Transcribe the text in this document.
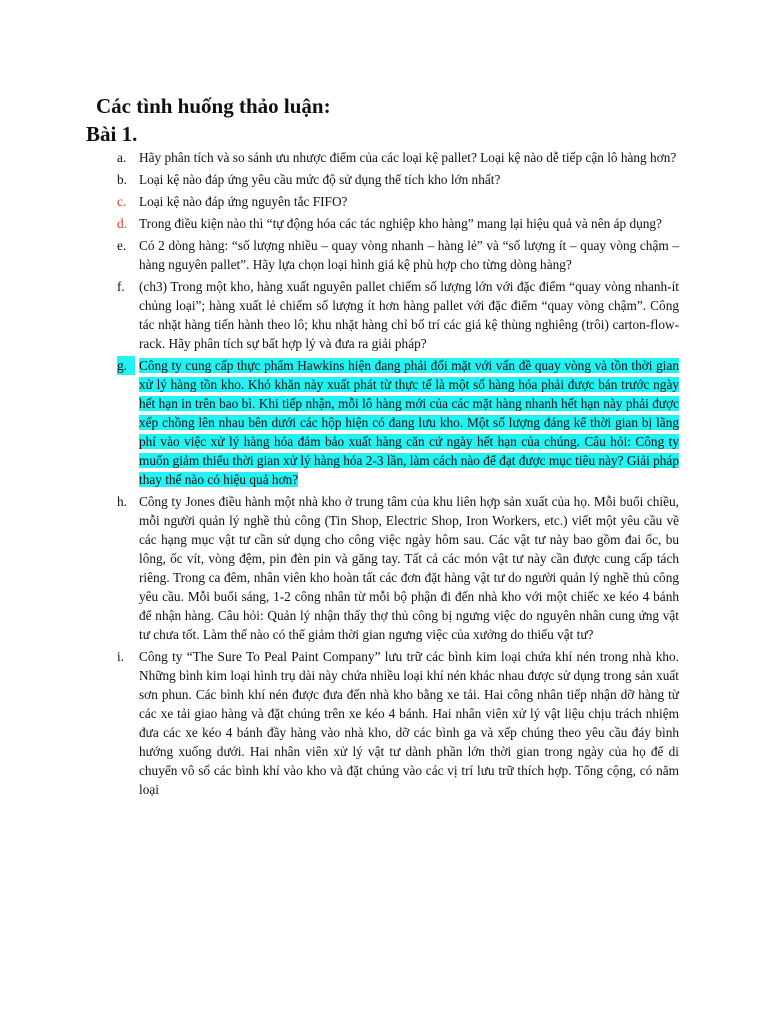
Các tình huống thảo luận:
Bài 1.
a. Hãy phân tích và so sánh ưu nhược điểm của các loại kệ pallet? Loại kệ nào dễ tiếp cận lô hàng hơn?
b. Loại kệ nào đáp ứng yêu cầu mức độ sử dụng thể tích kho lớn nhất?
c. Loại kệ nào đáp ứng nguyên tắc FIFO?
d. Trong điều kiện nào thì “tự động hóa các tác nghiệp kho hàng” mang lại hiệu quả và nên áp dụng?
e. Có 2 dòng hàng: “số lượng nhiều – quay vòng nhanh – hàng lẻ” và “số lượng ít – quay vòng chậm – hàng nguyên pallet”. Hãy lựa chọn loại hình giá kệ phù hợp cho từng dòng hàng?
f. (ch3) Trong một kho, hàng xuất nguyên pallet chiếm số lượng lớn với đặc điểm “quay vòng nhanh-ít chủng loại”; hàng xuất lẻ chiếm số lượng ít hơn hàng pallet với đặc điểm “quay vòng chậm”. Công tác nhặt hàng tiến hành theo lô; khu nhặt hàng chỉ bố trí các giá kệ thùng nghiêng (trôi) carton-flow-rack. Hãy phân tích sự bất hợp lý và đưa ra giải pháp?
g. Công ty cung cấp thực phẩm Hawkins hiện đang phải đối mặt với vấn đề quay vòng và tồn thời gian xử lý hàng tồn kho. Khó khăn này xuất phát từ thực tế là một số hàng hóa phải được bán trước ngày hết hạn in trên bao bì. Khi tiếp nhận, mỗi lô hàng mới của các mặt hàng nhanh hết hạn này phải được xếp chồng lên nhau bên dưới các hộp hiện có đang lưu kho. Một số lượng đáng kể thời gian bị lãng phí vào việc xử lý hàng hóa đảm bảo xuất hàng căn cứ ngày hết hạn của chúng. Câu hỏi: Công ty muốn giảm thiểu thời gian xử lý hàng hóa 2-3 lần, làm cách nào để đạt được mục tiêu này? Giải pháp thay thế nào có hiệu quả hơn?
h. Công ty Jones điều hành một nhà kho ở trung tâm của khu liên hợp sản xuất của họ. Mỗi buổi chiều, mỗi người quản lý nghề thủ công (Tin Shop, Electric Shop, Iron Workers, etc.) viết một yêu cầu về các hạng mục vật tư cần sử dụng cho công việc ngày hôm sau. Các vật tư này bao gồm đai ốc, bu lông, ốc vít, vòng đệm, pin đèn pin và găng tay. Tất cả các món vật tư này cần được cung cấp tách riêng. Trong ca đêm, nhân viên kho hoàn tất các đơn đặt hàng vật tư do người quản lý nghề thủ công yêu cầu. Mỗi buổi sáng, 1-2 công nhân từ mỗi bộ phận đi đến nhà kho với một chiếc xe kéo 4 bánh để nhận hàng. Câu hỏi: Quản lý nhận thấy thợ thủ công bị ngưng việc do nguyên nhân cung ứng vật tư chưa tốt. Làm thế nào có thể giảm thời gian ngưng việc của xưởng do thiếu vật tư?
i. Công ty “The Sure To Peal Paint Company” lưu trữ các bình kim loại chứa khí nén trong nhà kho. Những bình kim loại hình trụ dài này chứa nhiều loại khí nén khác nhau được sử dụng trong sản xuất sơn phun. Các bình khí nén được đưa đến nhà kho bằng xe tải. Hai công nhân tiếp nhận dỡ hàng từ các xe tải giao hàng và đặt chúng trên xe kéo 4 bánh. Hai nhân viên xử lý vật liệu chịu trách nhiệm đưa các xe kéo 4 bánh đầy hàng vào nhà kho, dỡ các bình ga và xếp chúng theo yêu cầu đáy bình hướng xuống dưới. Hai nhân viên xử lý vật tư dành phần lớn thời gian trong ngày của họ để di chuyển vô số các bình khí vào kho và đặt chúng vào các vị trí lưu trữ thích hợp. Tổng cộng, có năm loại
